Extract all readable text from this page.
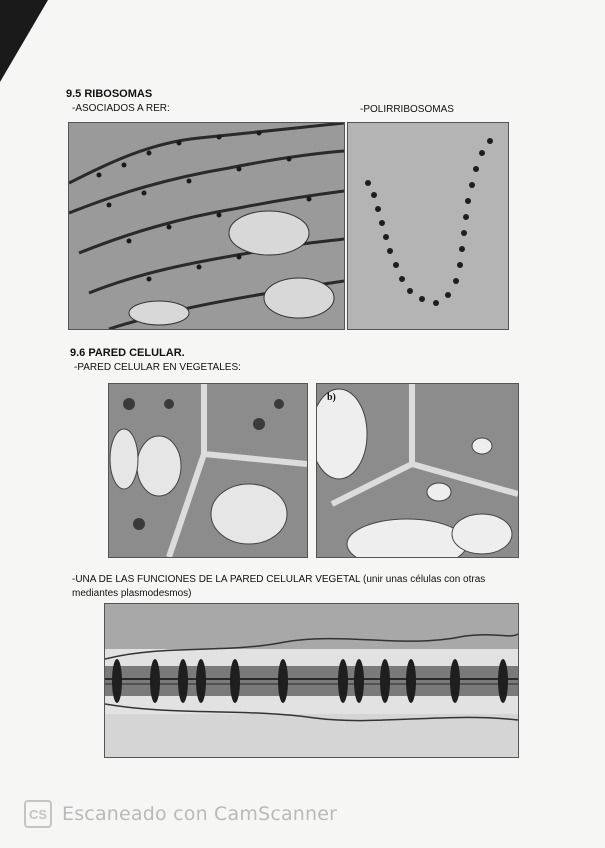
9.5 RIBOSOMAS
-ASOCIADOS A RER:	-POLIRRIBOSOMAS
9.6 PARED CELULAR.
-PARED CELULAR EN VEGETALES:
b)
-UNA DE LAS FUNCIONES DE LA PARED CELULAR VEGETAL (unir unas células con otras mediantes plasmodesmos)
CS Escaneado con CamScanner
